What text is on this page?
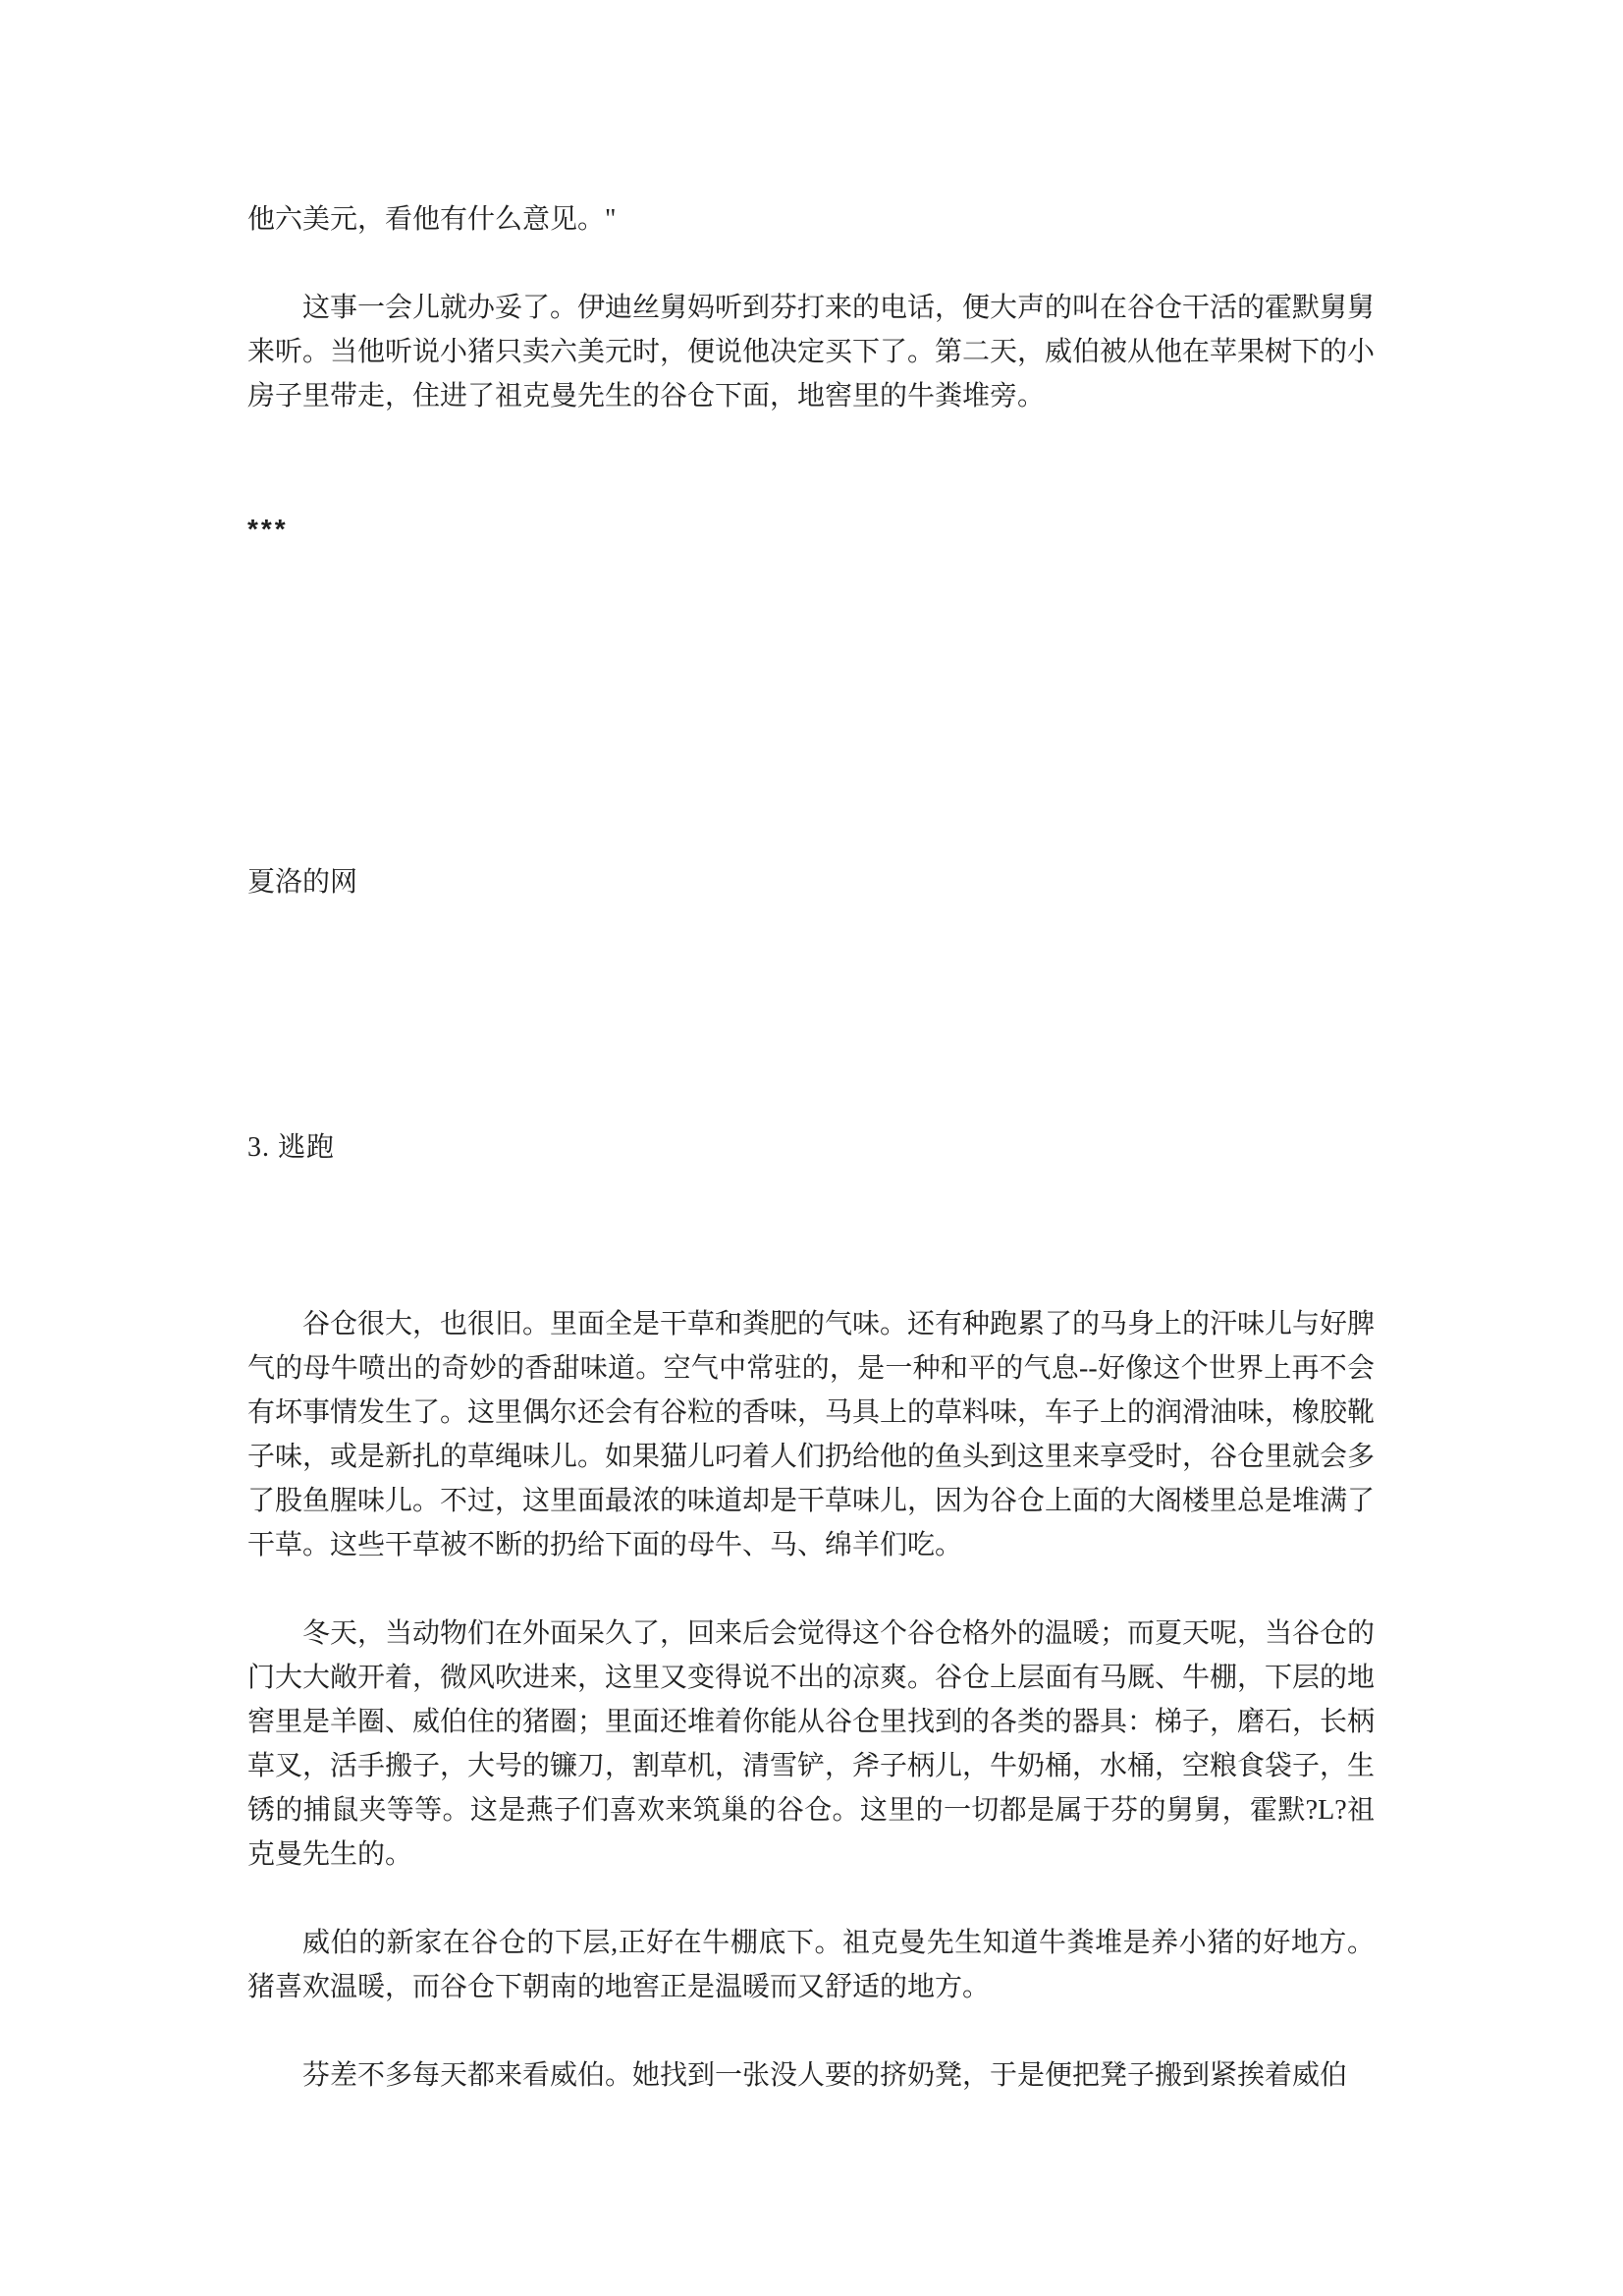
他六美元，看他有什么意见。"
这事一会儿就办妥了。伊迪丝舅妈听到芬打来的电话，便大声的叫在谷仓干活的霍默舅舅来听。当他听说小猪只卖六美元时，便说他决定买下了。第二天，威伯被从他在苹果树下的小房子里带走，住进了祖克曼先生的谷仓下面，地窖里的牛粪堆旁。
***
夏洛的网
3. 逃跑
谷仓很大，也很旧。里面全是干草和粪肥的气味。还有种跑累了的马身上的汗味儿与好脾气的母牛喷出的奇妙的香甜味道。空气中常驻的，是一种和平的气息--好像这个世界上再不会有坏事情发生了。这里偶尔还会有谷粒的香味，马具上的草料味，车子上的润滑油味，橡胶靴子味，或是新扎的草绳味儿。如果猫儿叼着人们扔给他的鱼头到这里来享受时，谷仓里就会多了股鱼腥味儿。不过，这里面最浓的味道却是干草味儿，因为谷仓上面的大阁楼里总是堆满了干草。这些干草被不断的扔给下面的母牛、马、绵羊们吃。
冬天，当动物们在外面呆久了，回来后会觉得这个谷仓格外的温暖；而夏天呢，当谷仓的门大大敞开着，微风吹进来，这里又变得说不出的凉爽。谷仓上层面有马厩、牛棚，下层的地窖里是羊圈、威伯住的猪圈；里面还堆着你能从谷仓里找到的各类的器具：梯子，磨石，长柄草叉，活手搬子，大号的镰刀，割草机，清雪铲，斧子柄儿，牛奶桶，水桶，空粮食袋子，生锈的捕鼠夹等等。这是燕子们喜欢来筑巢的谷仓。这里的一切都是属于芬的舅舅，霍默?L?祖克曼先生的。
威伯的新家在谷仓的下层,正好在牛棚底下。祖克曼先生知道牛粪堆是养小猪的好地方。猪喜欢温暖，而谷仓下朝南的地窖正是温暖而又舒适的地方。
芬差不多每天都来看威伯。她找到一张没人要的挤奶凳，于是便把凳子搬到紧挨着威伯
